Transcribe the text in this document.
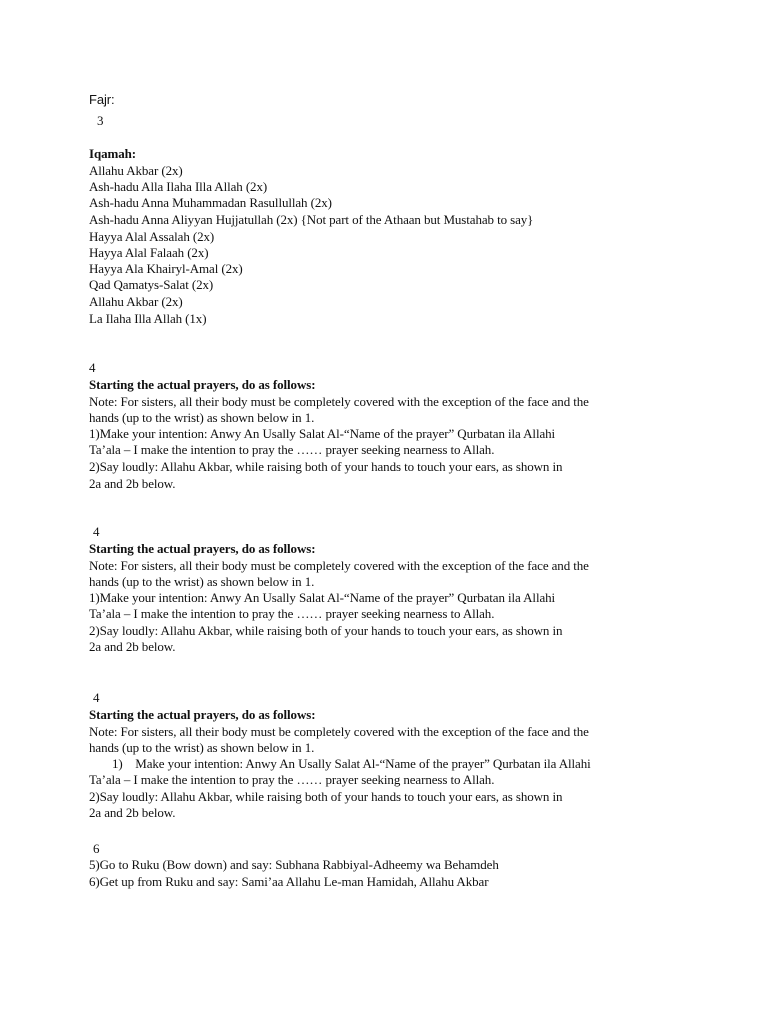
Fajr:
3
Iqamah:
Allahu Akbar (2x)
Ash-hadu Alla Ilaha Illa Allah (2x)
Ash-hadu Anna Muhammadan Rasullullah (2x)
Ash-hadu Anna Aliyyan Hujjatullah (2x) {Not part of the Athaan but Mustahab to say}
Hayya Alal Assalah (2x)
Hayya Alal Falaah (2x)
Hayya Ala Khairyl-Amal (2x)
Qad Qamatys-Salat (2x)
Allahu Akbar (2x)
La Ilaha Illa Allah (1x)
4
Starting the actual prayers, do as follows:
Note: For sisters, all their body must be completely covered with the exception of the face and the
hands (up to the wrist) as shown below in 1.
1)Make your intention: Anwy An Usally Salat Al-“Name of the prayer” Qurbatan ila Allahi
Ta’ala – I make the intention to pray the …… prayer seeking nearness to Allah.
2)Say loudly: Allahu Akbar, while raising both of your hands to touch your ears, as shown in
2a and 2b below.
4
Starting the actual prayers, do as follows:
Note: For sisters, all their body must be completely covered with the exception of the face and the
hands (up to the wrist) as shown below in 1.
1)Make your intention: Anwy An Usally Salat Al-“Name of the prayer” Qurbatan ila Allahi
Ta’ala – I make the intention to pray the …… prayer seeking nearness to Allah.
2)Say loudly: Allahu Akbar, while raising both of your hands to touch your ears, as shown in
2a and 2b below.
4
Starting the actual prayers, do as follows:
Note: For sisters, all their body must be completely covered with the exception of the face and the
hands (up to the wrist) as shown below in 1.
1)    Make your intention: Anwy An Usally Salat Al-“Name of the prayer” Qurbatan ila Allahi
Ta’ala – I make the intention to pray the …… prayer seeking nearness to Allah.
2)Say loudly: Allahu Akbar, while raising both of your hands to touch your ears, as shown in
2a and 2b below.
6
5)Go to Ruku (Bow down) and say: Subhana Rabbiyal-Adheemy wa Behamdeh
6)Get up from Ruku and say: Sami’aa Allahu Le-man Hamidah, Allahu Akbar
